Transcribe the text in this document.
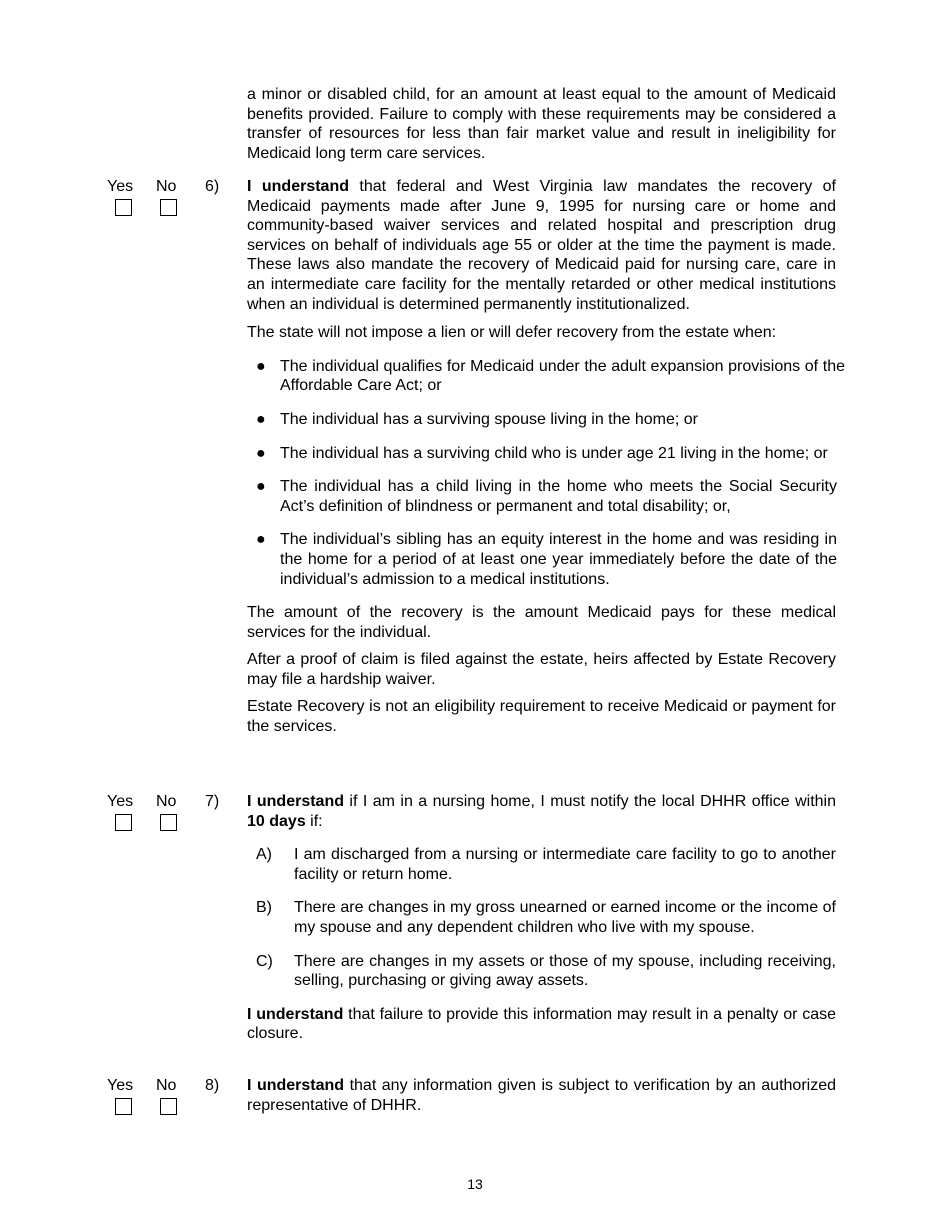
a minor or disabled child, for an amount at least equal to the amount of Medicaid benefits provided. Failure to comply with these requirements may be considered a transfer of resources for less than fair market value and result in ineligibility for Medicaid long term care services.

Yes No 6) I understand that federal and West Virginia law mandates the recovery of Medicaid payments made after June 9, 1995 for nursing care or home and community-based waiver services and related hospital and prescription drug services on behalf of individuals age 55 or older at the time the payment is made. These laws also mandate the recovery of Medicaid paid for nursing care, care in an intermediate care facility for the mentally retarded or other medical institutions when an individual is determined permanently institutionalized.

The state will not impose a lien or will defer recovery from the estate when:

● The individual qualifies for Medicaid under the adult expansion provisions of the Affordable Care Act; or
● The individual has a surviving spouse living in the home; or
● The individual has a surviving child who is under age 21 living in the home; or
● The individual has a child living in the home who meets the Social Security Act’s definition of blindness or permanent and total disability; or,
● The individual’s sibling has an equity interest in the home and was residing in the home for a period of at least one year immediately before the date of the individual’s admission to a medical institutions.

The amount of the recovery is the amount Medicaid pays for these medical services for the individual.

After a proof of claim is filed against the estate, heirs affected by Estate Recovery may file a hardship waiver.

Estate Recovery is not an eligibility requirement to receive Medicaid or payment for the services.

Yes No 7) I understand if I am in a nursing home, I must notify the local DHHR office within 10 days if:

A) I am discharged from a nursing or intermediate care facility to go to another facility or return home.
B) There are changes in my gross unearned or earned income or the income of my spouse and any dependent children who live with my spouse.
C) There are changes in my assets or those of my spouse, including receiving, selling, purchasing or giving away assets.

I understand that failure to provide this information may result in a penalty or case closure.

Yes No 8) I understand that any information given is subject to verification by an authorized representative of DHHR.

13
